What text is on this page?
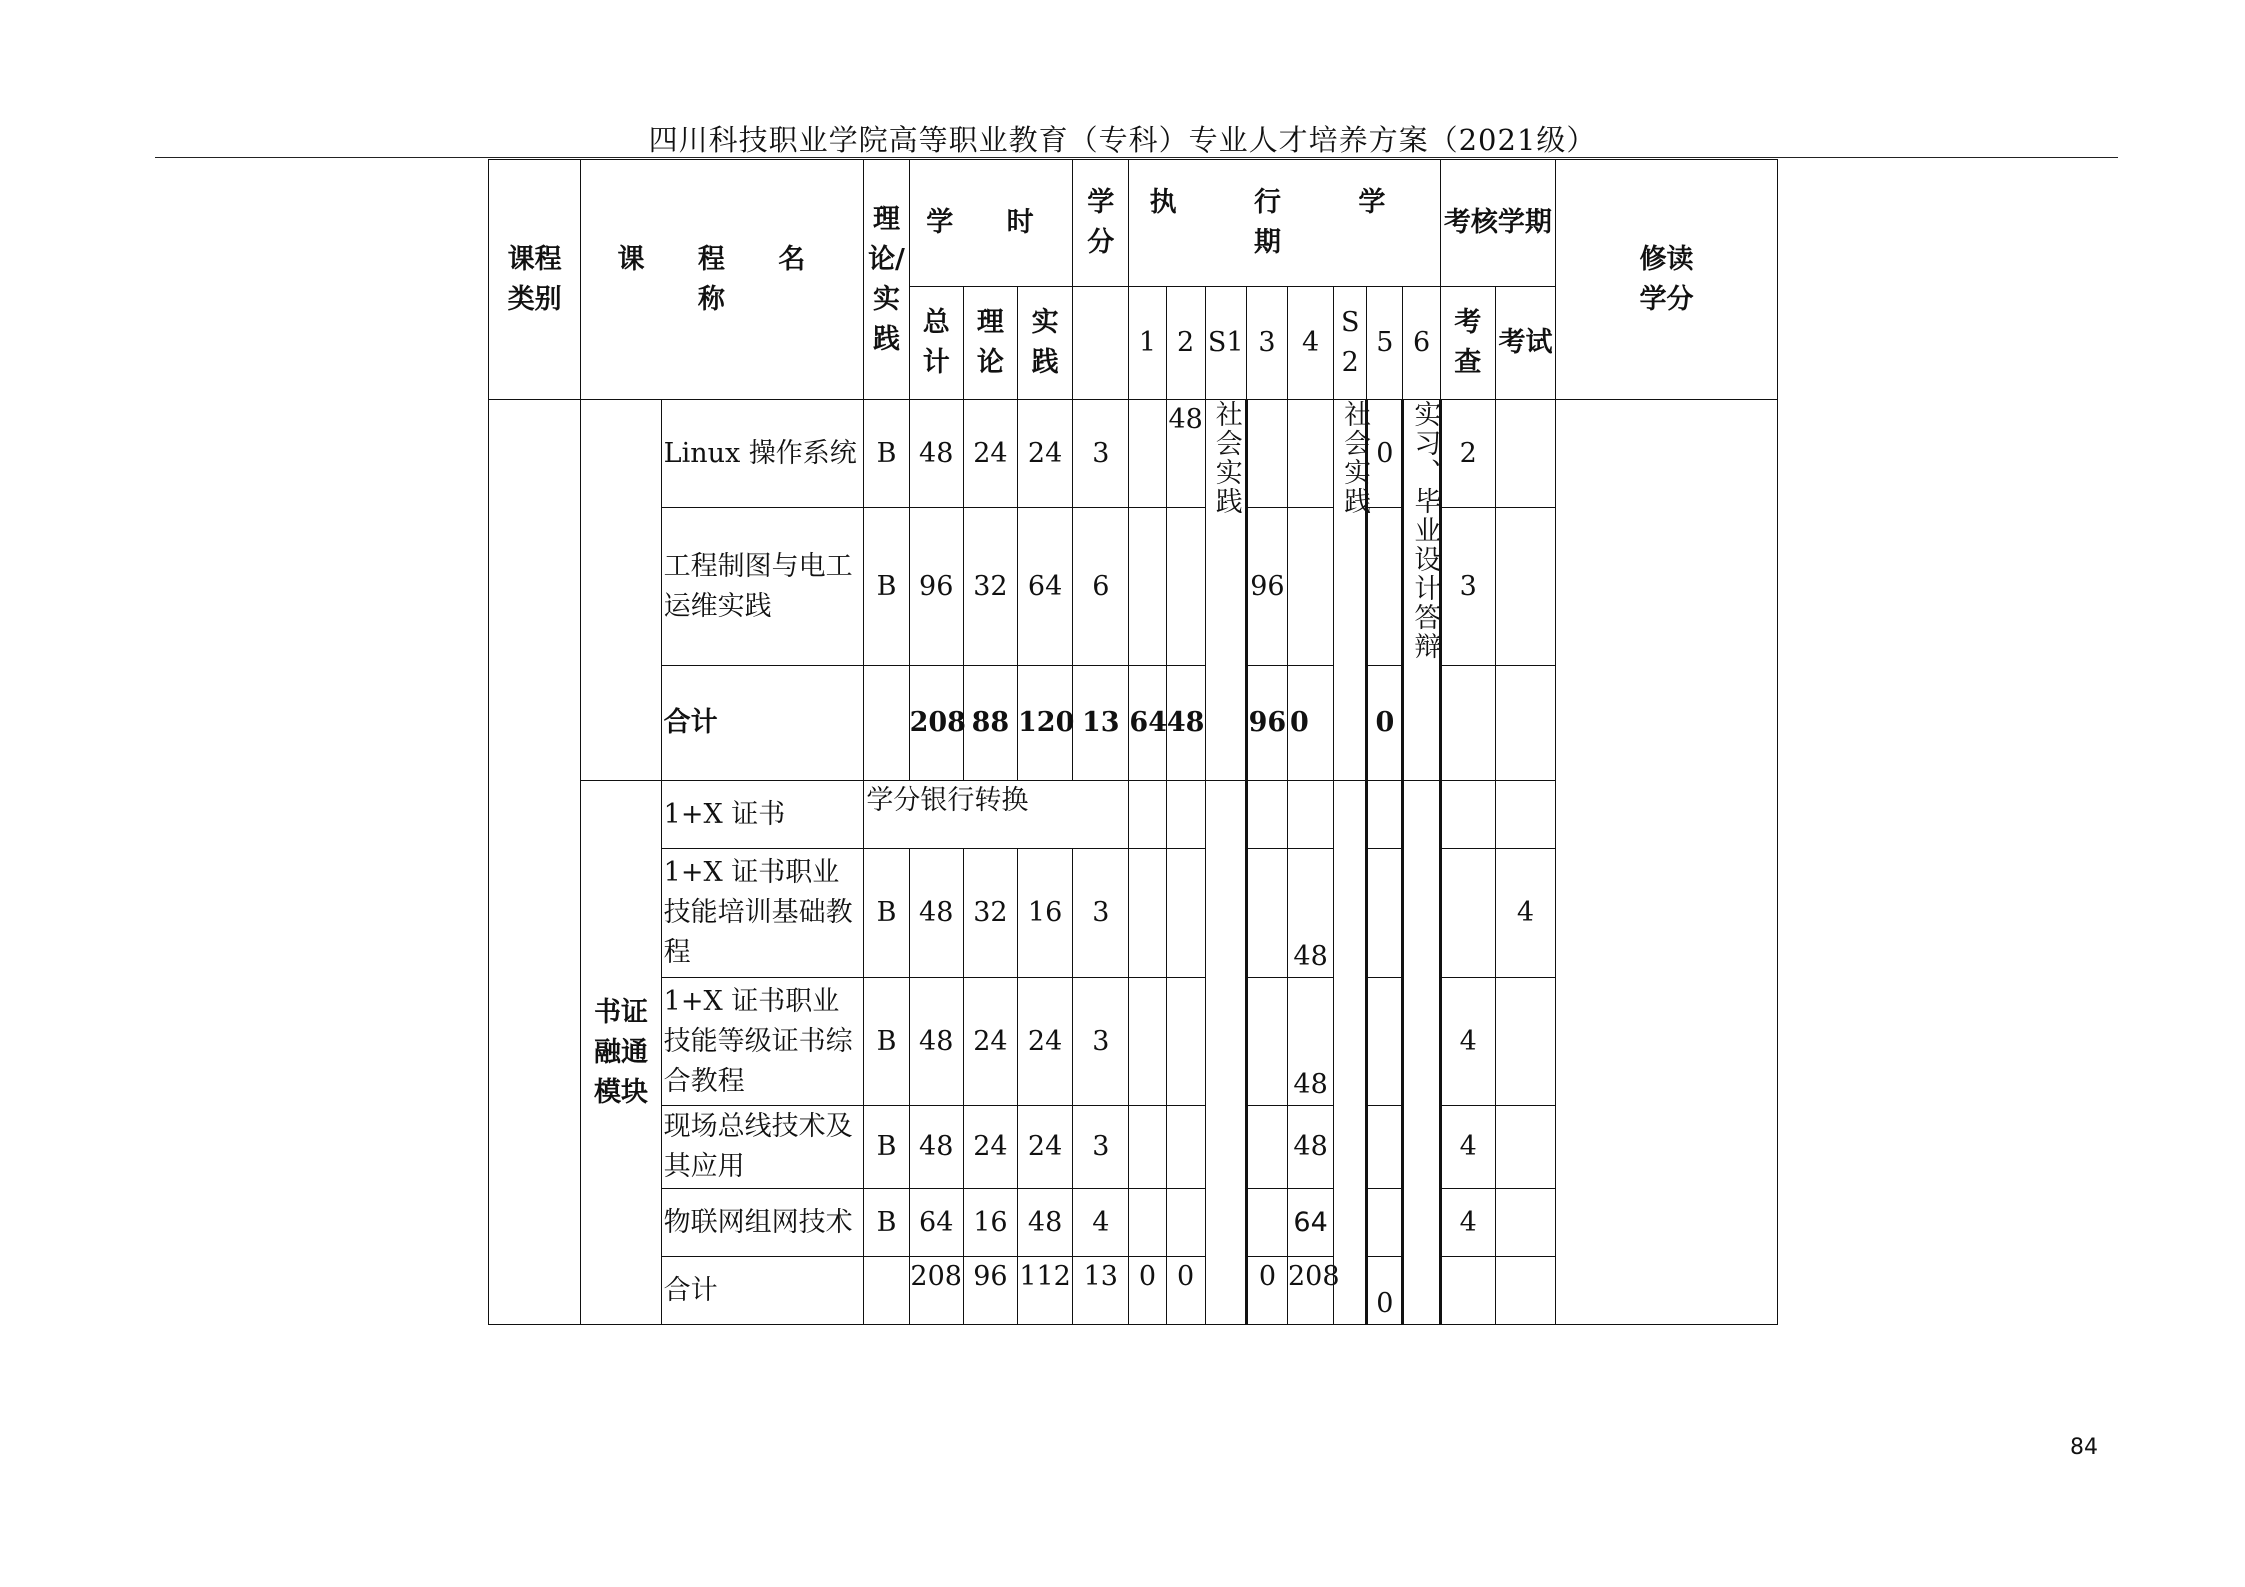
四川科技职业学院高等职业教育（专科）专业人才培养方案（2021级）
课程
类别	课 程 名 称		理
论/
实
践	学 时			学
分	执 行 学 期								考核学期		修读
学分
				总
计	理
论	实
践		1	2	S1	3	4	S
2	5	6	考
查	考试	
		Linux 操作系统	B	48	24	24	3		48	社会实践			社会实践	0	实习、毕业设计答辩	2		
		工程制图与电工运维实践	B	96	32	64	6				96					3		
		合计		208	88	120	13	64	48		96	0		0				
	书证
融通
模块	1+X 证书	学分银行转换															
		1+X 证书职业技能培训基础教程	B	48	32	16	3					48					4	
		1+X 证书职业技能等级证书综合教程	B	48	24	24	3					48				4		
		现场总线技术及其应用	B	48	24	24	3					48				4		
		物联网组网技术	B	64	16	48	4					64				4		
		合计		208	96	112	13	0	0		0	208		0				
84
